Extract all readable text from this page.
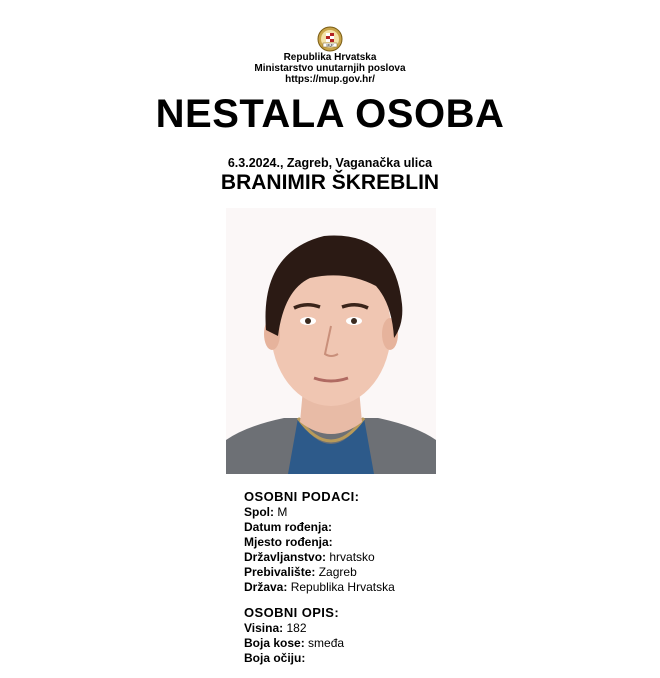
MUP
Republika Hrvatska
Ministarstvo unutarnjih poslova
https://mup.gov.hr/
NESTALA OSOBA
6.3.2024., Zagreb, Vaganačka ulica
BRANIMIR ŠKREBLIN
OSOBNI PODACI:
Spol: M
Datum rođenja:
Mjesto rođenja:
Državljanstvo: hrvatsko
Prebivalište: Zagreb
Država: Republika Hrvatska
OSOBNI OPIS:
Visina: 182
Boja kose: smeđa
Boja očiju:
